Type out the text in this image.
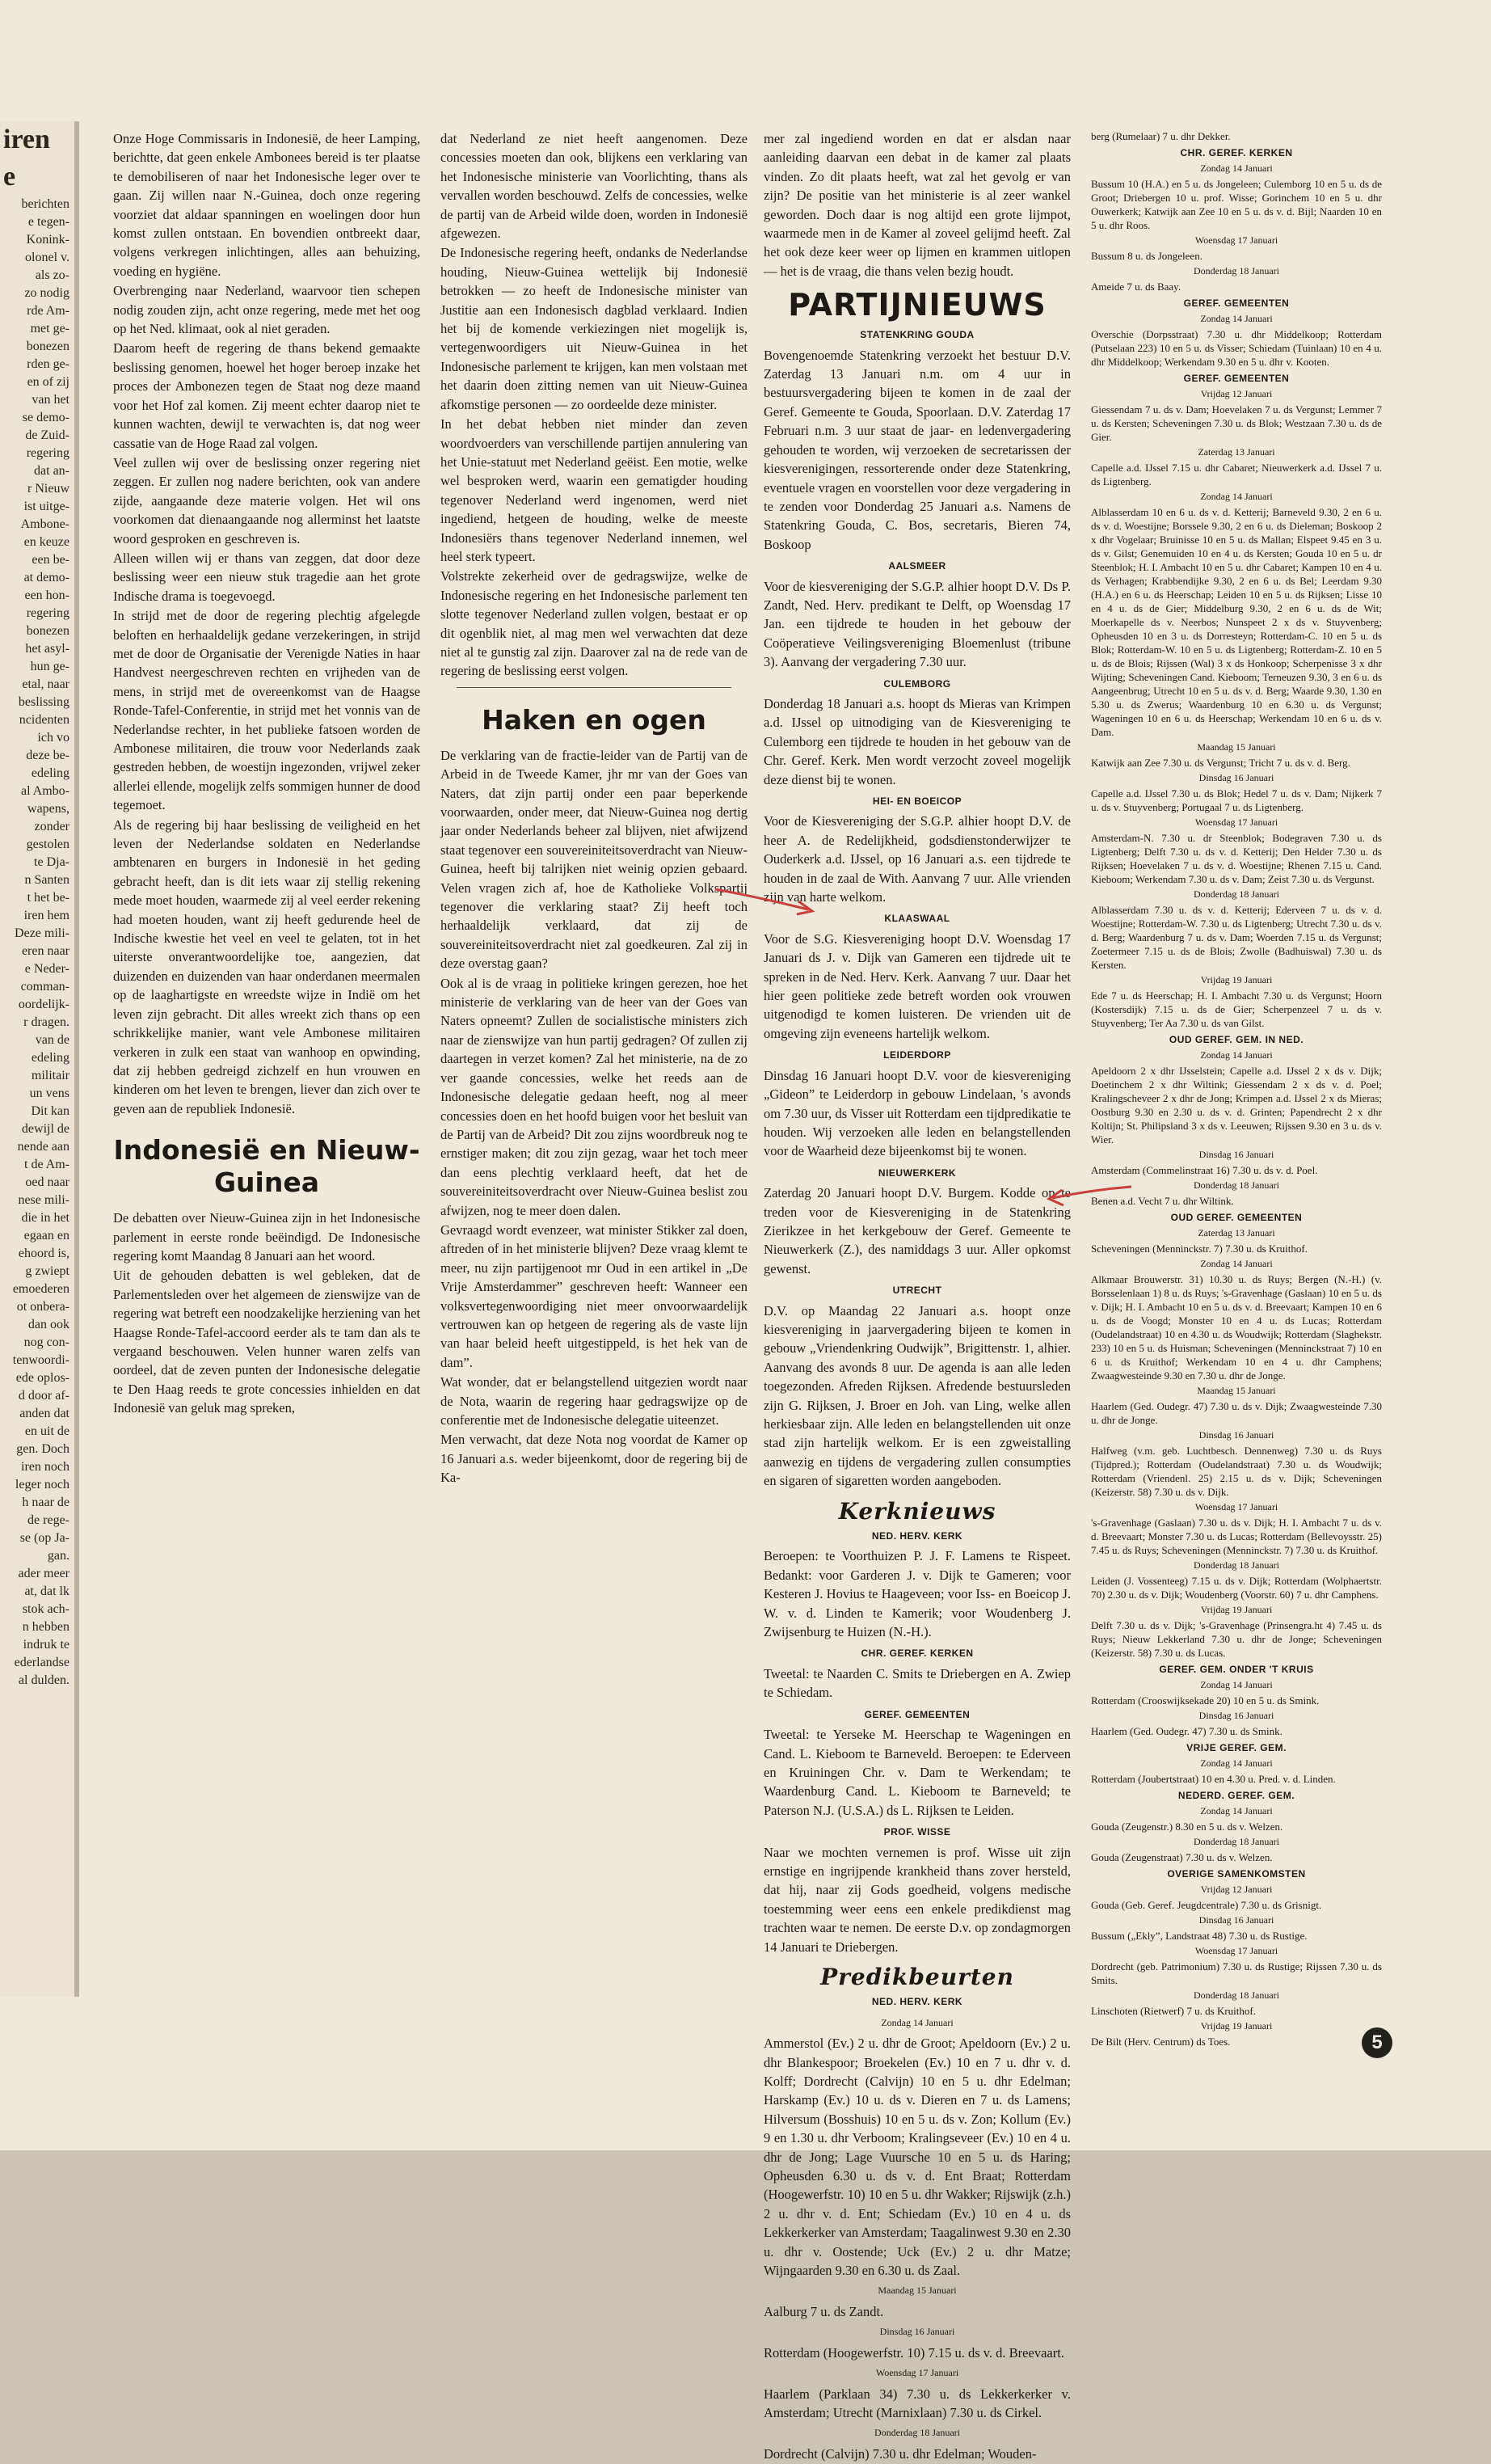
iren
e
berichten
e tegen-
Konink-
olonel v.
als zo-
zo nodig
rde Am-
met ge-
bonezen
rden ge-
en of zij
van het
se demo-
de Zuid-
regering
dat an-
r Nieuw
ist uitge-
Ambone-
en keuze
een be-
at demo-
een hon-
regering
bonezen
het asyl-
hun ge-
etal, naar
beslissing
ncidenten
ich vo
deze be-
edeling
al Ambo-
wapens,
zonder
gestolen
te Dja-
n Santen
t het be-
iren hem
Deze mili-
eren naar
e Neder-
comman-
oordelijk-
r dragen.
van de
edeling
militair
un vens
Dit kan
dewijl de
nende aan
t de Am-
oed naar
nese mili-
die in het
egaan en
ehoord is,
g zwiept
emoederen
ot onbera-
dan ook
nog con-
tenwoordi-
ede oplos-
d door af-
anden dat
en uit de
gen. Doch
iren noch
leger noch
h naar de
de rege-
se (op Ja-
gan.
ader meer
at, dat lk
stok ach-
n hebben
indruk te
ederlandse
al dulden.

Onze Hoge Commissaris in Indonesië, de heer Lamping, berichtte, dat geen enkele Ambonees bereid is ter plaatse te demobiliseren of naar het Indonesische leger over te gaan. Zij willen naar N.-Guinea, doch onze regering voorziet dat aldaar spanningen en woelingen door hun komst zullen ontstaan. En bovendien ontbreekt daar, volgens verkregen inlichtingen, alles aan behuizing, voeding en hygiëne.

Overbrenging naar Nederland, waarvoor tien schepen nodig zouden zijn, acht onze regering, mede met het oog op het Ned. klimaat, ook al niet geraden.

Daarom heeft de regering de thans bekend gemaakte beslissing genomen, hoewel het hoger beroep inzake het proces der Ambonezen tegen de Staat nog deze maand voor het Hof zal komen. Zij meent echter daarop niet te kunnen wachten, dewijl te verwachten is, dat nog weer cassatie van de Hoge Raad zal volgen.

Veel zullen wij over de beslissing onzer regering niet zeggen. Er zullen nog nadere berichten, ook van andere zijde, aangaande deze materie volgen. Het wil ons voorkomen dat dienaangaande nog allerminst het laatste woord gesproken en geschreven is.

Alleen willen wij er thans van zeggen, dat door deze beslissing weer een nieuw stuk tragedie aan het grote Indische drama is toegevoegd.

In strijd met de door de regering plechtig afgelegde beloften en herhaaldelijk gedane verzekeringen, in strijd met de door de Organisatie der Verenigde Naties in haar Handvest neergeschreven rechten en vrijheden van de mens, in strijd met de overeenkomst van de Haagse Ronde-Tafel-Conferentie, in strijd met het vonnis van de Nederlandse rechter, in het publieke fatsoen worden de Ambonese militairen, die trouw voor Nederlands zaak gestreden hebben, de woestijn ingezonden, vrijwel zeker allerlei ellende, mogelijk zelfs sommigen hunner de dood tegemoet.

Als de regering bij haar beslissing de veiligheid en het leven der Nederlandse soldaten en Nederlandse ambtenaren en burgers in Indonesië in het geding gebracht heeft, dan is dit iets waar zij stellig rekening mede moet houden, waarmede zij al veel eerder rekening had moeten houden, want zij heeft gedurende heel de Indische kwestie het veel en veel te gelaten, tot in het uiterste onverantwoordelijke toe, aangezien, dat duizenden en duizenden van haar onderdanen meermalen op de laaghartigste en wreedste wijze in Indië om het leven zijn gebracht. Dit alles wreekt zich thans op een schrikkelijke manier, want vele Ambonese militairen verkeren in zulk een staat van wanhoop en opwinding, dat zij hebben gedreigd zichzelf en hun vrouwen en kinderen om het leven te brengen, liever dan zich over te geven aan de republiek Indonesië.

Indonesië en Nieuw-Guinea

De debatten over Nieuw-Guinea zijn in het Indonesische parlement in eerste ronde beëindigd. De Indonesische regering komt Maandag 8 Januari aan het woord.

Uit de gehouden debatten is wel gebleken, dat de Parlementsleden over het algemeen de zienswijze van de regering wat betreft een noodzakelijke herziening van het Haagse Ronde-Tafel-accoord eerder als te tam dan als te vergaand beschouwen. Velen hunner waren zelfs van oordeel, dat de zeven punten der Indonesische delegatie te Den Haag reeds te grote concessies inhielden en dat Indonesië van geluk mag spreken,

dat Nederland ze niet heeft aangenomen. Deze concessies moeten dan ook, blijkens een verklaring van het Indonesische ministerie van Voorlichting, thans als vervallen worden beschouwd. Zelfs de concessies, welke de partij van de Arbeid wilde doen, worden in Indonesië afgewezen.

De Indonesische regering heeft, ondanks de Nederlandse houding, Nieuw-Guinea wettelijk bij Indonesië betrokken — zo heeft de Indonesische minister van Justitie aan een Indonesisch dagblad verklaard. Indien het bij de komende verkiezingen niet mogelijk is, vertegenwoordigers uit Nieuw-Guinea in het Indonesische parlement te krijgen, kan men volstaan met het daarin doen zitting nemen van uit Nieuw-Guinea afkomstige personen — zo oordeelde deze minister.

In het debat hebben niet minder dan zeven woordvoerders van verschillende partijen annulering van het Unie-statuut met Nederland geëist. Een motie, welke wel besproken werd, waarin een gematigder houding tegenover Nederland werd ingenomen, werd niet ingediend, hetgeen de houding, welke de meeste Indonesiërs thans tegenover Nederland innemen, wel heel sterk typeert.

Volstrekte zekerheid over de gedragswijze, welke de Indonesische regering en het Indonesische parlement ten slotte tegenover Nederland zullen volgen, bestaat er op dit ogenblik niet, al mag men wel verwachten dat deze niet al te gunstig zal zijn. Daarover zal na de rede van de regering de beslissing eerst volgen.

Haken en ogen

De verklaring van de fractie-leider van de Partij van de Arbeid in de Tweede Kamer, jhr mr van der Goes van Naters, dat zijn partij onder een paar beperkende voorwaarden, onder meer, dat Nieuw-Guinea nog dertig jaar onder Nederlands beheer zal blijven, niet afwijzend staat tegenover een souvereiniteitsoverdracht van Nieuw-Guinea, heeft bij talrijken niet weinig opzien gebaard. Velen vragen zich af, hoe de Katholieke Volkspartij tegenover die verklaring staat? Zij heeft toch herhaaldelijk verklaard, dat zij de souvereiniteitsoverdracht niet zal goedkeuren. Zal zij in deze overstag gaan?

Ook al is de vraag in politieke kringen gerezen, hoe het ministerie de verklaring van de heer van der Goes van Naters opneemt? Zullen de socialistische ministers zich naar de zienswijze van hun partij gedragen? Of zullen zij daartegen in verzet komen? Zal het ministerie, na de zo ver gaande concessies, welke het reeds aan de Indonesische delegatie gedaan heeft, nog al meer concessies doen en het hoofd buigen voor het besluit van de Partij van de Arbeid? Dit zou zijns woordbreuk nog te ernstiger maken; dit zou zijn gezag, waar het toch meer dan eens plechtig verklaard heeft, dat het de souvereiniteitsoverdracht over Nieuw-Guinea beslist zou afwijzen, nog te meer doen dalen.

Gevraagd wordt evenzeer, wat minister Stikker zal doen, aftreden of in het ministerie blijven? Deze vraag klemt te meer, nu zijn partijgenoot mr Oud in een artikel in „De Vrije Amsterdammer” geschreven heeft: Wanneer een volksvertegenwoordiging niet meer onvoorwaardelijk vertrouwen kan op hetgeen de regering als de vaste lijn van haar beleid heeft uitgestippeld, is het hek van de dam”.

Wat wonder, dat er belangstellend uitgezien wordt naar de Nota, waarin de regering haar gedragswijze op de conferentie met de Indonesische delegatie uiteenzet.

Men verwacht, dat deze Nota nog voordat de Kamer op 16 Januari a.s. weder bijeenkomt, door de regering bij de Ka-

mer zal ingediend worden en dat er alsdan naar aanleiding daarvan een debat in de kamer zal plaats vinden. Zo dit plaats heeft, wat zal het gevolg er van zijn? De positie van het ministerie is al zeer wankel geworden. Doch daar is nog altijd een grote lijmpot, waarmede men in de Kamer al zoveel gelijmd heeft. Zal het ook deze keer weer op lijmen en krammen uitlopen — het is de vraag, die thans velen bezig houdt.

PARTIJNIEUWS
STATENKRING GOUDA

Bovengenoemde Statenkring verzoekt het bestuur D.V. Zaterdag 13 Januari n.m. om 4 uur in bestuursvergadering bijeen te komen in de zaal der Geref. Gemeente te Gouda, Spoorlaan. D.V. Zaterdag 17 Februari n.m. 3 uur staat de jaar- en ledenvergadering gehouden te worden, wij verzoeken de secretarissen der kiesverenigingen, ressorterende onder deze Statenkring, eventuele vragen en voorstellen voor deze vergadering in te zenden voor Donderdag 25 Januari a.s. Namens de Statenkring Gouda, C. Bos, secretaris, Bieren 74, Boskoop

AALSMEER

Voor de kiesvereniging der S.G.P. alhier hoopt D.V. Ds P. Zandt, Ned. Herv. predikant te Delft, op Woensdag 17 Jan. een tijdrede te houden in het gebouw der Coöperatieve Veilingsvereniging Bloemenlust (tribune 3). Aanvang der vergadering 7.30 uur.

CULEMBORG

Donderdag 18 Januari a.s. hoopt ds Mieras van Krimpen a.d. IJssel op uitnodiging van de Kiesvereniging te Culemborg een tijdrede te houden in het gebouw van de Chr. Geref. Kerk. Men wordt verzocht zoveel mogelijk deze dienst bij te wonen.

HEI- EN BOEICOP

Voor de Kiesvereniging der S.G.P. alhier hoopt D.V. de heer A. de Redelijkheid, godsdienstonderwijzer te Ouderkerk a.d. IJssel, op 16 Januari a.s. een tijdrede te houden in de zaal de With. Aanvang 7 uur. Alle vrienden zijn van harte welkom.

KLAASWAAL

Voor de S.G. Kiesvereniging hoopt D.V. Woensdag 17 Januari ds J. v. Dijk van Gameren een tijdrede uit te spreken in de Ned. Herv. Kerk. Aanvang 7 uur. Daar het hier geen politieke zede betreft worden ook vrouwen uitgenodigd te komen luisteren. De vrienden uit de omgeving zijn eveneens hartelijk welkom.

LEIDERDORP

Dinsdag 16 Januari hoopt D.V. voor de kiesvereniging „Gideon” te Leiderdorp in gebouw Lindelaan, 's avonds om 7.30 uur, ds Visser uit Rotterdam een tijdpredikatie te houden. Wij verzoeken alle leden en belangstellenden voor de Waarheid deze bijeenkomst bij te wonen.

NIEUWERKERK

Zaterdag 20 Januari hoopt D.V. Burgem. Kodde op te treden voor de Kiesvereniging in de Statenkring Zierikzee in het kerkgebouw der Geref. Gemeente te Nieuwerkerk (Z.), des namiddags 3 uur. Aller opkomst gewenst.

UTRECHT

D.V. op Maandag 22 Januari a.s. hoopt onze kiesvereniging in jaarvergadering bijeen te komen in gebouw „Vriendenkring Oudwijk”, Brigittenstr. 1, alhier. Aanvang des avonds 8 uur. De agenda is aan alle leden toegezonden. Afreden Rijksen. Afredende bestuursleden zijn G. Rijksen, J. Broer en Joh. van Ling, welke allen herkiesbaar zijn. Alle leden en belangstellenden uit onze stad zijn hartelijk welkom. Er is een zgweistalling aanwezig en tijdens de vergadering zullen consumpties en sigaren of sigaretten worden aangeboden.

Kerknieuws
NED. HERV. KERK

Beroepen: te Voorthuizen P. J. F. Lamens te Rispeet. Bedankt: voor Garderen J. v. Dijk te Gameren; voor Kesteren J. Hovius te Haageveen; voor Iss- en Boeicop J. W. v. d. Linden te Kamerik; voor Woudenberg J. Zwijsenburg te Huizen (N.-H.).

CHR. GEREF. KERKEN

Tweetal: te Naarden C. Smits te Driebergen en A. Zwiep te Schiedam.

GEREF. GEMEENTEN

Tweetal: te Yerseke M. Heerschap te Wageningen en Cand. L. Kieboom te Barneveld. Beroepen: te Ederveen en Kruiningen Chr. v. Dam te Werkendam; te Waardenburg Cand. L. Kieboom te Barneveld; te Paterson N.J. (U.S.A.) ds L. Rijksen te Leiden.

PROF. WISSE

Naar we mochten vernemen is prof. Wisse uit zijn ernstige en ingrijpende krankheid thans zover hersteld, dat hij, naar zij Gods goedheid, volgens medische toestemming weer eens een enkele predikdienst mag trachten waar te nemen. De eerste D.v. op zondagmorgen 14 Januari te Driebergen.

Predikbeurten
NED. HERV. KERK
Zondag 14 Januari

Ammerstol (Ev.) 2 u. dhr de Groot; Apeldoorn (Ev.) 2 u. dhr Blankespoor; Broekelen (Ev.) 10 en 7 u. dhr v. d. Kolff; Dordrecht (Calvijn) 10 en 5 u. dhr Edelman; Harskamp (Ev.) 10 u. ds v. Dieren en 7 u. ds Lamens; Hilversum (Bosshuis) 10 en 5 u. ds v. Zon; Kollum (Ev.) 9 en 1.30 u. dhr Verboom; Kralingseveer (Ev.) 10 en 4 u. dhr de Jong; Lage Vuursche 10 en 5 u. ds Haring; Opheusden 6.30 u. ds v. d. Ent Braat; Rotterdam (Hoogewerfstr. 10) 10 en 5 u. dhr Wakker; Rijswijk (z.h.) 2 u. dhr v. d. Ent; Schiedam (Ev.) 10 en 4 u. ds Lekkerkerker van Amsterdam; Taagalinwest 9.30 en 2.30 u. dhr v. Oostende; Uck (Ev.) 2 u. dhr Matze; Wijngaarden 9.30 en 6.30 u. ds Zaal.

Maandag 15 Januari

Aalburg 7 u. ds Zandt.

Dinsdag 16 Januari

Rotterdam (Hoogewerfstr. 10) 7.15 u. ds v. d. Breevaart.

Woensdag 17 Januari

Haarlem (Parklaan 34) 7.30 u. ds Lekkerkerker v. Amsterdam; Utrecht (Marnixlaan) 7.30 u. ds Cirkel.

Donderdag 18 Januari

Dordrecht (Calvijn) 7.30 u. dhr Edelman; Wouden-

berg (Rumelaar) 7 u. dhr Dekker.

CHR. GEREF. KERKEN
Zondag 14 Januari

Bussum 10 (H.A.) en 5 u. ds Jongeleen; Culemborg 10 en 5 u. ds de Groot; Driebergen 10 u. prof. Wisse; Gorinchem 10 en 5 u. dhr Ouwerkerk; Katwijk aan Zee 10 en 5 u. ds v. d. Bijl; Naarden 10 en 5 u. dhr Roos.

Woensdag 17 Januari

Bussum 8 u. ds Jongeleen.

Donderdag 18 Januari

Ameide 7 u. ds Baay.

GEREF. GEMEENTEN
Zondag 14 Januari

Overschie (Dorpsstraat) 7.30 u. dhr Middelkoop; Rotterdam (Putselaan 223) 10 en 5 u. ds Visser; Schiedam (Tuinlaan) 10 en 4 u. dhr Middelkoop; Werkendam 9.30 en 5 u. dhr v. Kooten.

GEREF. GEMEENTEN
Vrijdag 12 Januari

Giessendam 7 u. ds v. Dam; Hoevelaken 7 u. ds Vergunst; Lemmer 7 u. ds Kersten; Scheveningen 7.30 u. ds Blok; Westzaan 7.30 u. ds de Gier.

Zaterdag 13 Januari

Capelle a.d. IJssel 7.15 u. dhr Cabaret; Nieuwerkerk a.d. IJssel 7 u. ds Ligtenberg.

Zondag 14 Januari

Alblasserdam 10 en 6 u. ds v. d. Ketterij; Barneveld 9.30, 2 en 6 u. ds v. d. Woestijne; Borssele 9.30, 2 en 6 u. ds Dieleman; Boskoop 2 x dhr Vogelaar; Bruinisse 10 en 5 u. ds Mallan; Elspeet 9.45 en 3 u. ds v. Gilst; Genemuiden 10 en 4 u. ds Kersten; Gouda 10 en 5 u. dr Steenblok; H. I. Ambacht 10 en 5 u. dhr Cabaret; Kampen 10 en 4 u. ds Verhagen; Krabbendijke 9.30, 2 en 6 u. ds Bel; Leerdam 9.30 (H.A.) en 6 u. ds Heerschap; Leiden 10 en 5 u. ds Rijksen; Lisse 10 en 4 u. ds de Gier; Middelburg 9.30, 2 en 6 u. ds de Wit; Moerkapelle ds v. Neerbos; Nunspeet 2 x ds v. Stuyvenberg; Opheusden 10 en 3 u. ds Dorresteyn; Rotterdam-C. 10 en 5 u. ds Blok; Rotterdam-W. 10 en 5 u. ds Ligtenberg; Rotterdam-Z. 10 en 5 u. ds de Blois; Rijssen (Wal) 3 x ds Honkoop; Scherpenisse 3 x dhr Wijting; Scheveningen Cand. Kieboom; Terneuzen 9.30, 3 en 6 u. ds Aangeenbrug; Utrecht 10 en 5 u. ds v. d. Berg; Waarde 9.30, 1.30 en 5.30 u. ds Zwerus; Waardenburg 10 en 6.30 u. ds Vergunst; Wageningen 10 en 6 u. ds Heerschap; Werkendam 10 en 6 u. ds v. Dam.

Maandag 15 Januari

Katwijk aan Zee 7.30 u. ds Vergunst; Tricht 7 u. ds v. d. Berg.

Dinsdag 16 Januari

Capelle a.d. IJssel 7.30 u. ds Blok; Hedel 7 u. ds v. Dam; Nijkerk 7 u. ds v. Stuyvenberg; Portugaal 7 u. ds Ligtenberg.

Woensdag 17 Januari

Amsterdam-N. 7.30 u. dr Steenblok; Bodegraven 7.30 u. ds Ligtenberg; Delft 7.30 u. ds v. d. Ketterij; Den Helder 7.30 u. ds Rijksen; Hoevelaken 7 u. ds v. d. Woestijne; Rhenen 7.15 u. Cand. Kieboom; Werkendam 7.30 u. ds v. Dam; Zeist 7.30 u. ds Vergunst.

Donderdag 18 Januari

Alblasserdam 7.30 u. ds v. d. Ketterij; Ederveen 7 u. ds v. d. Woestijne; Rotterdam-W. 7.30 u. ds Ligtenberg; Utrecht 7.30 u. ds v. d. Berg; Waardenburg 7 u. ds v. Dam; Woerden 7.15 u. ds Vergunst; Zoetermeer 7.15 u. ds de Blois; Zwolle (Badhuiswal) 7.30 u. ds Kersten.

Vrijdag 19 Januari

Ede 7 u. ds Heerschap; H. I. Ambacht 7.30 u. ds Vergunst; Hoorn (Kostersdijk) 7.15 u. ds de Gier; Scherpenzeel 7 u. ds v. Stuyvenberg; Ter Aa 7.30 u. ds van Gilst.

OUD GEREF. GEM. IN NED.
Zondag 14 Januari

Apeldoorn 2 x dhr IJsselstein; Capelle a.d. IJssel 2 x ds v. Dijk; Doetinchem 2 x dhr Wiltink; Giessendam 2 x ds v. d. Poel; Kralingscheveer 2 x dhr de Jong; Krimpen a.d. IJssel 2 x ds Mieras; Oostburg 9.30 en 2.30 u. ds v. d. Grinten; Papendrecht 2 x dhr Koltijn; St. Philipsland 3 x ds v. Leeuwen; Rijssen 9.30 en 3 u. ds v. Wier.

Dinsdag 16 Januari

Amsterdam (Commelinstraat 16) 7.30 u. ds v. d. Poel.

Donderdag 18 Januari

Benen a.d. Vecht 7 u. dhr Wiltink.

OUD GEREF. GEMEENTEN
Zaterdag 13 Januari

Scheveningen (Menninckstr. 7) 7.30 u. ds Kruithof.

Zondag 14 Januari

Alkmaar Brouwerstr. 31) 10.30 u. ds Ruys; Bergen (N.-H.) (v. Borsselenlaan 1) 8 u. ds Ruys; 's-Gravenhage (Gaslaan) 10 en 5 u. ds v. Dijk; H. I. Ambacht 10 en 5 u. ds v. d. Breevaart; Kampen 10 en 6 u. ds de Voogd; Monster 10 en 4 u. ds Lucas; Rotterdam (Oudelandstraat) 10 en 4.30 u. ds Woudwijk; Rotterdam (Slaghekstr. 233) 10 en 5 u. ds Huisman; Scheveningen (Menninckstraat 7) 10 en 6 u. ds Kruithof; Werkendam 10 en 4 u. dhr Camphens; Zwaagwesteinde 9.30 en 7.30 u. dhr de Jonge.

Maandag 15 Januari

Haarlem (Ged. Oudegr. 47) 7.30 u. ds v. Dijk; Zwaagwesteinde 7.30 u. dhr de Jonge.

Dinsdag 16 Januari

Halfweg (v.m. geb. Luchtbesch. Dennenweg) 7.30 u. ds Ruys (Tijdpred.); Rotterdam (Oudelandstraat) 7.30 u. ds Woudwijk; Rotterdam (Vriendenl. 25) 2.15 u. ds v. Dijk; Scheveningen (Keizerstr. 58) 7.30 u. ds v. Dijk.

Woensdag 17 Januari

's-Gravenhage (Gaslaan) 7.30 u. ds v. Dijk; H. I. Ambacht 7 u. ds v. d. Breevaart; Monster 7.30 u. ds Lucas; Rotterdam (Bellevoysstr. 25) 7.45 u. ds Ruys; Scheveningen (Menninckstr. 7) 7.30 u. ds Kruithof.

Donderdag 18 Januari

Leiden (J. Vossenteeg) 7.15 u. ds v. Dijk; Rotterdam (Wolphaertstr. 70) 2.30 u. ds v. Dijk; Woudenberg (Voorstr. 60) 7 u. dhr Camphens.

Vrijdag 19 Januari

Delft 7.30 u. ds v. Dijk; 's-Gravenhage (Prinsengra.ht 4) 7.45 u. ds Ruys; Nieuw Lekkerland 7.30 u. dhr de Jonge; Scheveningen (Keizerstr. 58) 7.30 u. ds Lucas.

GEREF. GEM. ONDER 'T KRUIS
Zondag 14 Januari

Rotterdam (Crooswijksekade 20) 10 en 5 u. ds Smink.

Dinsdag 16 Januari

Haarlem (Ged. Oudegr. 47) 7.30 u. ds Smink.

VRIJE GEREF. GEM.
Zondag 14 Januari

Rotterdam (Joubertstraat) 10 en 4.30 u. Pred. v. d. Linden.

NEDERD. GEREF. GEM.
Zondag 14 Januari

Gouda (Zeugenstr.) 8.30 en 5 u. ds v. Welzen.

Donderdag 18 Januari

Gouda (Zeugenstraat) 7.30 u. ds v. Welzen.

OVERIGE SAMENKOMSTEN
Vrijdag 12 Januari

Gouda (Geb. Geref. Jeugdcentrale) 7.30 u. ds Grisnigt.

Dinsdag 16 Januari

Bussum („Ekly”, Landstraat 48) 7.30 u. ds Rustige.

Woensdag 17 Januari

Dordrecht (geb. Patrimonium) 7.30 u. ds Rustige; Rijssen 7.30 u. ds Smits.

Donderdag 18 Januari

Linschoten (Rietwerf) 7 u. ds Kruithof.

Vrijdag 19 Januari

De Bilt (Herv. Centrum) ds Toes.	5
